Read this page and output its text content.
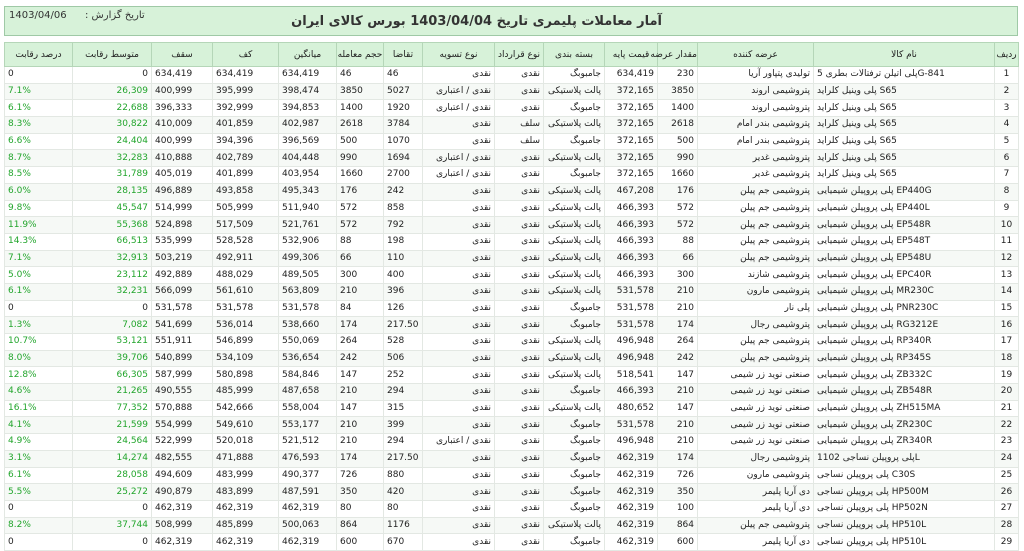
آمار معاملات پلیمری تاریخ 1403/04/04 بورس کالای ایران
تاریخ گزارش :
1403/04/06
ردیف	نام کالا	عرضه کننده	مقدار عرضه	قیمت پایه	بسته بندی	نوع قرارداد	نوع تسویه	تقاضا	حجم معامله	میانگین	کف	سقف	متوسط رقابت	درصد رقابت
1	پلی اتیلن ترفتالات بطری 5G-841	تولیدی پتپاور آریا	230	634,419	جامبوبگ	نقدی	نقدی	46	46	634,419	634,419	634,419	0	0
2	پلی وینیل کلراید S65	پتروشیمی اروند	3850	372,165	پالت پلاستیکی	نقدی	نقدی / اعتباری	5027	3850	398,474	395,999	400,999	26,309	7.1%
3	پلی وینیل کلراید S65	پتروشیمی اروند	1400	372,165	جامبوبگ	نقدی	نقدی / اعتباری	1920	1400	394,853	392,999	396,333	22,688	6.1%
4	پلی وینیل کلراید S65	پتروشیمی بندر امام	2618	372,165	پالت پلاستیکی	سلف	نقدی	3784	2618	402,987	401,859	410,009	30,822	8.3%
5	پلی وینیل کلراید S65	پتروشیمی بندر امام	500	372,165	جامبوبگ	سلف	نقدی	1070	500	396,569	394,396	400,999	24,404	6.6%
6	پلی وینیل کلراید S65	پتروشیمی غدیر	990	372,165	پالت پلاستیکی	نقدی	نقدی / اعتباری	1694	990	404,448	402,789	410,888	32,283	8.7%
7	پلی وینیل کلراید S65	پتروشیمی غدیر	1660	372,165	جامبوبگ	نقدی	نقدی / اعتباری	2700	1660	403,954	401,899	405,019	31,789	8.5%
8	پلی پروپیلن شیمیایی EP440G	پتروشیمی جم پیلن	176	467,208	پالت پلاستیکی	نقدی	نقدی	242	176	495,343	493,858	496,889	28,135	6.0%
9	پلی پروپیلن شیمیایی EP440L	پتروشیمی جم پیلن	572	466,393	پالت پلاستیکی	نقدی	نقدی	858	572	511,940	505,999	514,999	45,547	9.8%
10	پلی پروپیلن شیمیایی EP548R	پتروشیمی جم پیلن	572	466,393	پالت پلاستیکی	نقدی	نقدی	792	572	521,761	517,509	524,898	55,368	11.9%
11	پلی پروپیلن شیمیایی EP548T	پتروشیمی جم پیلن	88	466,393	پالت پلاستیکی	نقدی	نقدی	198	88	532,906	528,528	535,999	66,513	14.3%
12	پلی پروپیلن شیمیایی EP548U	پتروشیمی جم پیلن	66	466,393	پالت پلاستیکی	نقدی	نقدی	110	66	499,306	492,911	503,219	32,913	7.1%
13	پلی پروپیلن شیمیایی EPC40R	پتروشیمی شازند	300	466,393	پالت پلاستیکی	نقدی	نقدی	400	300	489,505	488,029	492,889	23,112	5.0%
14	پلی پروپیلن شیمیایی MR230C	پتروشیمی مارون	210	531,578	پالت پلاستیکی	نقدی	نقدی	396	210	563,809	561,610	566,099	32,231	6.1%
15	پلی پروپیلن شیمیایی PNR230C	پلی نار	210	531,578	جامبوبگ	نقدی	نقدی	126	84	531,578	531,578	531,578	0	0
16	پلی پروپیلن شیمیایی RG3212E	پتروشیمی رجال	174	531,578	جامبوبگ	نقدی	نقدی	217.50	174	538,660	536,014	541,699	7,082	1.3%
17	پلی پروپیلن شیمیایی RP340R	پتروشیمی جم پیلن	264	496,948	پالت پلاستیکی	نقدی	نقدی	528	264	550,069	546,899	551,911	53,121	10.7%
18	پلی پروپیلن شیمیایی RP345S	پتروشیمی جم پیلن	242	496,948	پالت پلاستیکی	نقدی	نقدی	506	242	536,654	534,109	540,899	39,706	8.0%
19	پلی پروپیلن شیمیایی ZB332C	صنعتی نوید زر شیمی	147	518,541	پالت پلاستیکی	نقدی	نقدی	252	147	584,846	580,898	587,999	66,305	12.8%
20	پلی پروپیلن شیمیایی ZB548R	صنعتی نوید زر شیمی	210	466,393	جامبوبگ	نقدی	نقدی	294	210	487,658	485,999	490,555	21,265	4.6%
21	پلی پروپیلن شیمیایی ZH515MA	صنعتی نوید زر شیمی	147	480,652	پالت پلاستیکی	نقدی	نقدی	315	147	558,004	542,666	570,888	77,352	16.1%
22	پلی پروپیلن شیمیایی ZR230C	صنعتی نوید زر شیمی	210	531,578	جامبوبگ	نقدی	نقدی	399	210	553,177	549,610	554,999	21,599	4.1%
23	پلی پروپیلن شیمیایی ZR340R	صنعتی نوید زر شیمی	210	496,948	جامبوبگ	نقدی	نقدی / اعتباری	294	210	521,512	520,018	522,999	24,564	4.9%
24	پلی پروپیلن نساجی 1102L	پتروشیمی رجال	174	462,319	جامبوبگ	نقدی	نقدی	217.50	174	476,593	471,888	482,555	14,274	3.1%
25	پلی پروپیلن نساجی C30S	پتروشیمی مارون	726	462,319	جامبوبگ	نقدی	نقدی	880	726	490,377	483,999	494,609	28,058	6.1%
26	پلی پروپیلن نساجی HP500M	دی آریا پلیمر	350	462,319	جامبوبگ	نقدی	نقدی	420	350	487,591	483,899	490,879	25,272	5.5%
27	پلی پروپیلن نساجی HP502N	دی آریا پلیمر	100	462,319	جامبوبگ	نقدی	نقدی	80	80	462,319	462,319	462,319	0	0
28	پلی پروپیلن نساجی HP510L	پتروشیمی جم پیلن	864	462,319	پالت پلاستیکی	نقدی	نقدی	1176	864	500,063	485,899	508,999	37,744	8.2%
29	پلی پروپیلن نساجی HP510L	دی آریا پلیمر	600	462,319	جامبوبگ	نقدی	نقدی	670	600	462,319	462,319	462,319	0	0
